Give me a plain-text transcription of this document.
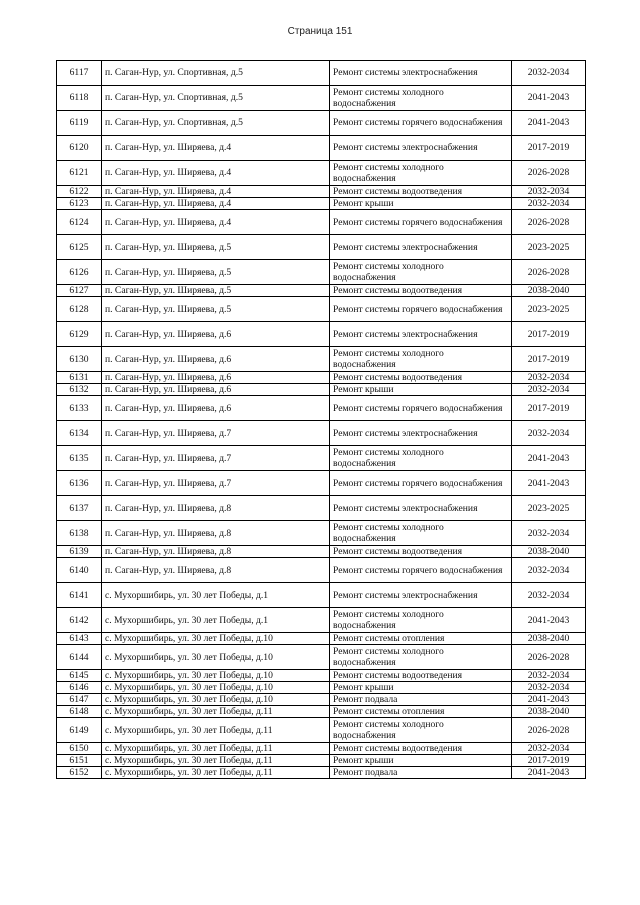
Страница 151
6117	п. Саган-Нур, ул. Спортивная, д.5	Ремонт системы электроснабжения	2032-2034
6118	п. Саган-Нур, ул. Спортивная, д.5	Ремонт системы холодного водоснабжения	2041-2043
6119	п. Саган-Нур, ул. Спортивная, д.5	Ремонт системы горячего водоснабжения	2041-2043
6120	п. Саган-Нур, ул. Ширяева, д.4	Ремонт системы электроснабжения	2017-2019
6121	п. Саган-Нур, ул. Ширяева, д.4	Ремонт системы холодного водоснабжения	2026-2028
6122	п. Саган-Нур, ул. Ширяева, д.4	Ремонт системы водоотведения	2032-2034
6123	п. Саган-Нур, ул. Ширяева, д.4	Ремонт крыши	2032-2034
6124	п. Саган-Нур, ул. Ширяева, д.4	Ремонт системы горячего водоснабжения	2026-2028
6125	п. Саган-Нур, ул. Ширяева, д.5	Ремонт системы электроснабжения	2023-2025
6126	п. Саган-Нур, ул. Ширяева, д.5	Ремонт системы холодного водоснабжения	2026-2028
6127	п. Саган-Нур, ул. Ширяева, д.5	Ремонт системы водоотведения	2038-2040
6128	п. Саган-Нур, ул. Ширяева, д.5	Ремонт системы горячего водоснабжения	2023-2025
6129	п. Саган-Нур, ул. Ширяева, д.6	Ремонт системы электроснабжения	2017-2019
6130	п. Саган-Нур, ул. Ширяева, д.6	Ремонт системы холодного водоснабжения	2017-2019
6131	п. Саган-Нур, ул. Ширяева, д.6	Ремонт системы водоотведения	2032-2034
6132	п. Саган-Нур, ул. Ширяева, д.6	Ремонт крыши	2032-2034
6133	п. Саган-Нур, ул. Ширяева, д.6	Ремонт системы горячего водоснабжения	2017-2019
6134	п. Саган-Нур, ул. Ширяева, д.7	Ремонт системы электроснабжения	2032-2034
6135	п. Саган-Нур, ул. Ширяева, д.7	Ремонт системы холодного водоснабжения	2041-2043
6136	п. Саган-Нур, ул. Ширяева, д.7	Ремонт системы горячего водоснабжения	2041-2043
6137	п. Саган-Нур, ул. Ширяева, д.8	Ремонт системы электроснабжения	2023-2025
6138	п. Саган-Нур, ул. Ширяева, д.8	Ремонт системы холодного водоснабжения	2032-2034
6139	п. Саган-Нур, ул. Ширяева, д.8	Ремонт системы водоотведения	2038-2040
6140	п. Саган-Нур, ул. Ширяева, д.8	Ремонт системы горячего водоснабжения	2032-2034
6141	с. Мухоршибирь, ул. 30 лет Победы, д.1	Ремонт системы электроснабжения	2032-2034
6142	с. Мухоршибирь, ул. 30 лет Победы, д.1	Ремонт системы холодного водоснабжения	2041-2043
6143	с. Мухоршибирь, ул. 30 лет Победы, д.10	Ремонт системы отопления	2038-2040
6144	с. Мухоршибирь, ул. 30 лет Победы, д.10	Ремонт системы холодного водоснабжения	2026-2028
6145	с. Мухоршибирь, ул. 30 лет Победы, д.10	Ремонт системы водоотведения	2032-2034
6146	с. Мухоршибирь, ул. 30 лет Победы, д.10	Ремонт крыши	2032-2034
6147	с. Мухоршибирь, ул. 30 лет Победы, д.10	Ремонт подвала	2041-2043
6148	с. Мухоршибирь, ул. 30 лет Победы, д.11	Ремонт системы отопления	2038-2040
6149	с. Мухоршибирь, ул. 30 лет Победы, д.11	Ремонт системы холодного водоснабжения	2026-2028
6150	с. Мухоршибирь, ул. 30 лет Победы, д.11	Ремонт системы водоотведения	2032-2034
6151	с. Мухоршибирь, ул. 30 лет Победы, д.11	Ремонт крыши	2017-2019
6152	с. Мухоршибирь, ул. 30 лет Победы, д.11	Ремонт подвала	2041-2043
